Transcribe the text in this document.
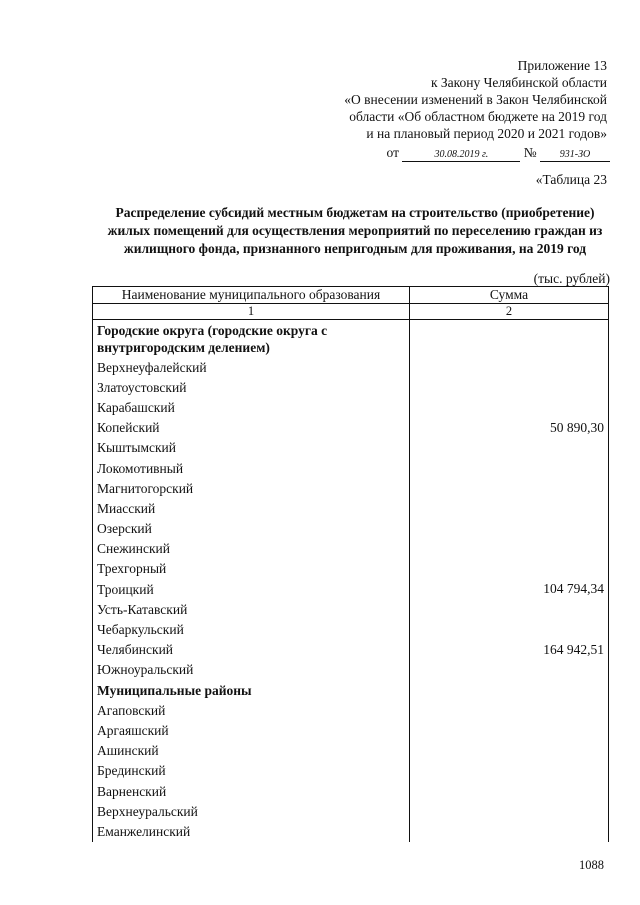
Приложение 13
к Закону Челябинской области
«О внесении изменений в Закон Челябинской
области «Об областном бюджете на 2019 год
и на плановый период 2020 и 2021 годов»
от	30.08.2019 г.	№ 931-ЗО
«Таблица 23
Распределение субсидий местным бюджетам на строительство (приобретение) жилых помещений для осуществления мероприятий по переселению граждан из жилищного фонда, признанного непригодным для проживания, на 2019 год
(тыс. рублей)
Наименование муниципального образования	Сумма
1	2
Городские округа (городские округа с внутригородским делением)	
Верхнеуфалейский	
Златоустовский	
Карабашский	
Копейский	50 890,30
Кыштымский	
Локомотивный	
Магнитогорский	
Миасский	
Озерский	
Снежинский	
Трехгорный	
Троицкий	104 794,34
Усть-Катавский	
Чебаркульский	
Челябинский	164 942,51
Южноуральский	
Муниципальные районы	
Агаповский	
Аргаяшский	
Ашинский	
Брединский	
Варненский	
Верхнеуральский	
Еманжелинский	
1088
